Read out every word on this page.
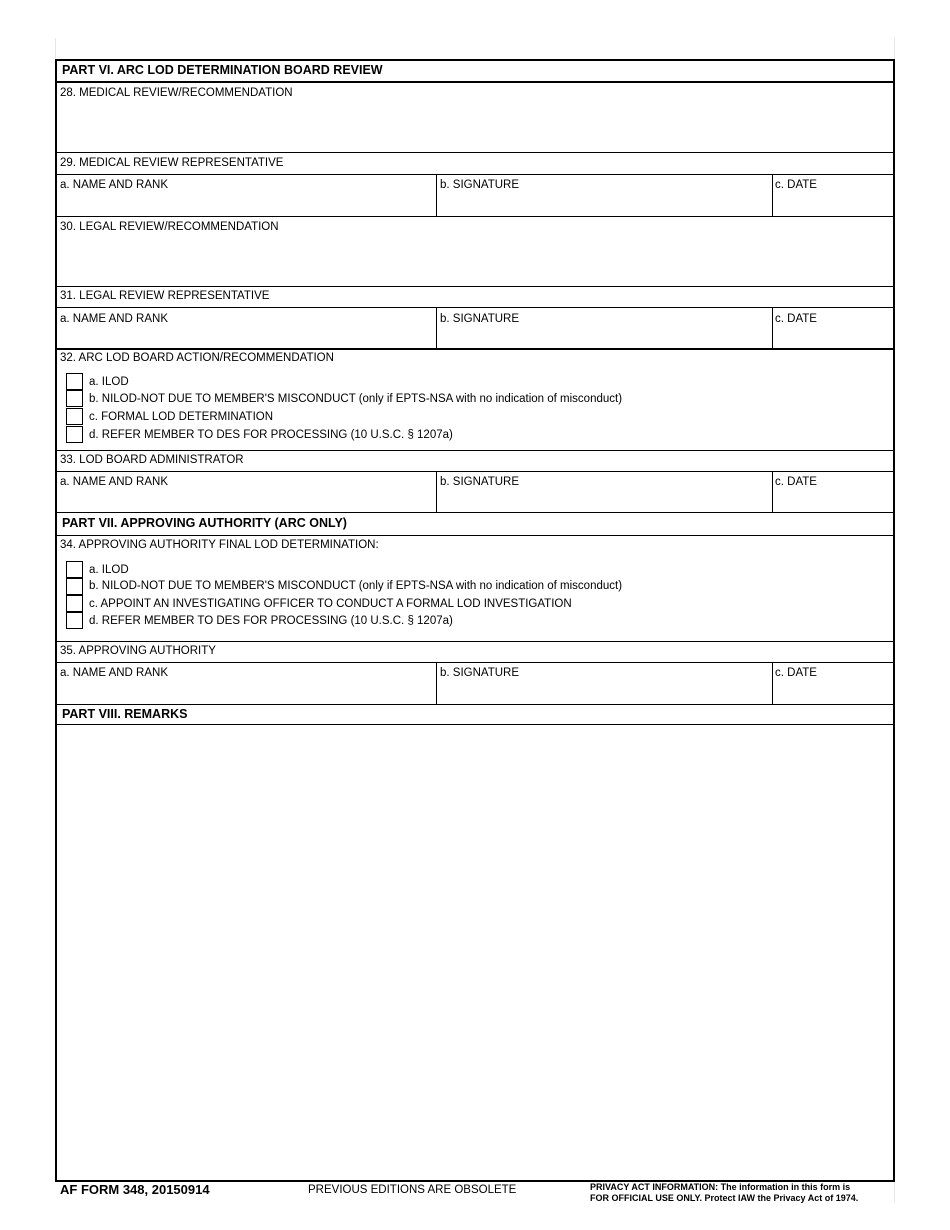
PART VI. ARC LOD DETERMINATION BOARD REVIEW
28. MEDICAL REVIEW/RECOMMENDATION
29. MEDICAL REVIEW REPRESENTATIVE
a. NAME AND RANK	b. SIGNATURE	c. DATE
30. LEGAL REVIEW/RECOMMENDATION
31. LEGAL REVIEW REPRESENTATIVE
a. NAME AND RANK	b. SIGNATURE	c. DATE
32. ARC LOD BOARD ACTION/RECOMMENDATION
a. ILOD
b. NILOD-NOT DUE TO MEMBER'S MISCONDUCT (only if EPTS-NSA with no indication of misconduct)
c. FORMAL LOD DETERMINATION
d. REFER MEMBER TO DES FOR PROCESSING (10 U.S.C. § 1207a)
33. LOD BOARD ADMINISTRATOR
a. NAME AND RANK	b. SIGNATURE	c. DATE
PART VII. APPROVING AUTHORITY (ARC ONLY)
34. APPROVING AUTHORITY FINAL LOD DETERMINATION:
a. ILOD
b. NILOD-NOT DUE TO MEMBER'S MISCONDUCT (only if EPTS-NSA with no indication of misconduct)
c. APPOINT AN INVESTIGATING OFFICER TO CONDUCT A FORMAL LOD INVESTIGATION
d. REFER MEMBER TO DES FOR PROCESSING (10 U.S.C. § 1207a)
35. APPROVING AUTHORITY
a. NAME AND RANK	b. SIGNATURE	c. DATE
PART VIII. REMARKS
AF FORM 348, 20150914	PREVIOUS EDITIONS ARE OBSOLETE	PRIVACY ACT INFORMATION: The information in this form is
FOR OFFICIAL USE ONLY. Protect IAW the Privacy Act of 1974.
